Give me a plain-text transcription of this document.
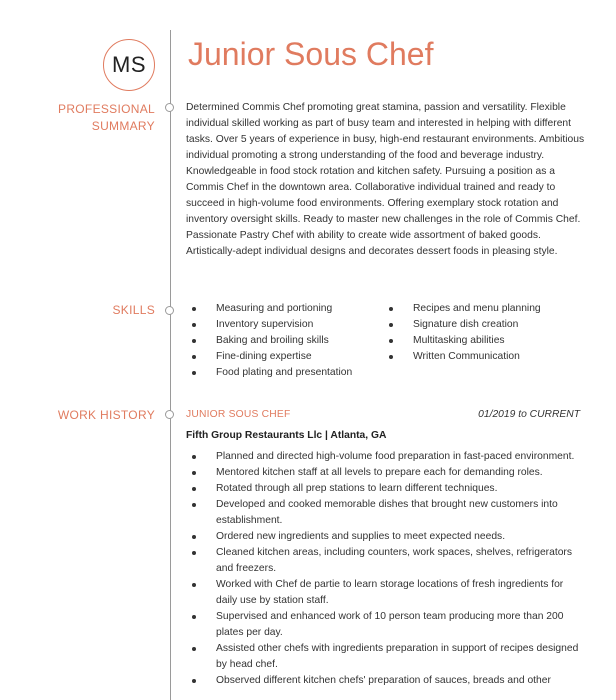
MS Junior Sous Chef
PROFESSIONAL
SUMMARY
Determined Commis Chef promoting great stamina, passion and versatility. Flexible individual skilled working as part of busy team and interested in helping with different tasks. Over 5 years of experience in busy, high-end restaurant environments. Ambitious individual promoting a strong understanding of the food and beverage industry. Knowledgeable in food stock rotation and kitchen safety. Pursuing a position as a Commis Chef in the downtown area. Collaborative individual trained and ready to succeed in high-volume food environments. Offering exemplary stock rotation and inventory oversight skills. Ready to master new challenges in the role of Commis Chef. Passionate Pastry Chef with ability to create wide assortment of baked goods. Artistically-adept individual designs and decorates dessert foods in pleasing style.
SKILLS	Measuring and portioning
Inventory supervision
Baking and broiling skills
Fine-dining expertise
Food plating and presentation
Recipes and menu planning
Signature dish creation
Multitasking abilities
Written Communication
WORK HISTORY	JUNIOR SOUS CHEF	01/2019 to CURRENT
Fifth Group Restaurants Llc | Atlanta, GA
Planned and directed high-volume food preparation in fast-paced environment.
Mentored kitchen staff at all levels to prepare each for demanding roles.
Rotated through all prep stations to learn different techniques.
Developed and cooked memorable dishes that brought new customers into establishment.
Ordered new ingredients and supplies to meet expected needs.
Cleaned kitchen areas, including counters, work spaces, shelves, refrigerators and freezers.
Worked with Chef de partie to learn storage locations of fresh ingredients for daily use by station staff.
Supervised and enhanced work of 10 person team producing more than 200 plates per day.
Assisted other chefs with ingredients preparation in support of recipes designed by head chef.
Observed different kitchen chefs' preparation of sauces, breads and other
